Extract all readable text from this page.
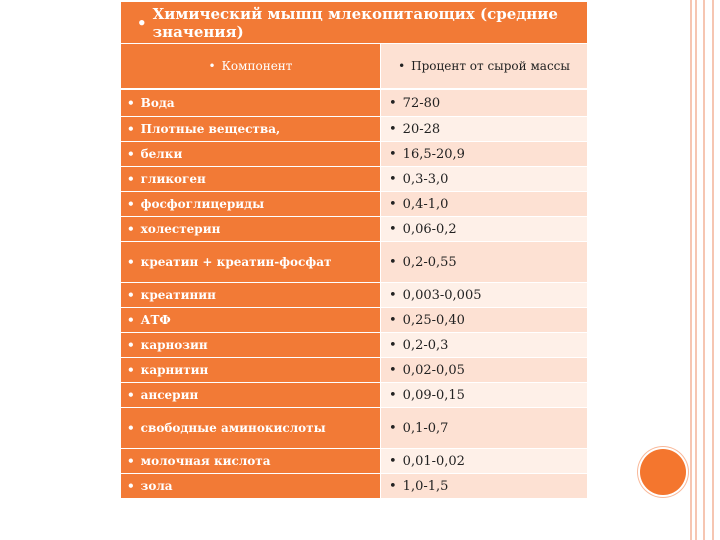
• Химический мышц млекопитающих (средние значения)
• Компонент	• Процент от сырой массы
• Вода	• 72-80
• Плотные вещества,	• 20-28
• белки	• 16,5-20,9
• гликоген	• 0,3-3,0
• фосфоглицериды	• 0,4-1,0
• холестерин	• 0,06-0,2
• креатин + креатин-фосфат	• 0,2-0,55
• креатинин	• 0,003-0,005
• АТФ	• 0,25-0,40
• карнозин	• 0,2-0,3
• карнитин	• 0,02-0,05
• ансерин	• 0,09-0,15
• свободные аминокислоты	• 0,1-0,7
• молочная кислота	• 0,01-0,02
• зола	• 1,0-1,5
